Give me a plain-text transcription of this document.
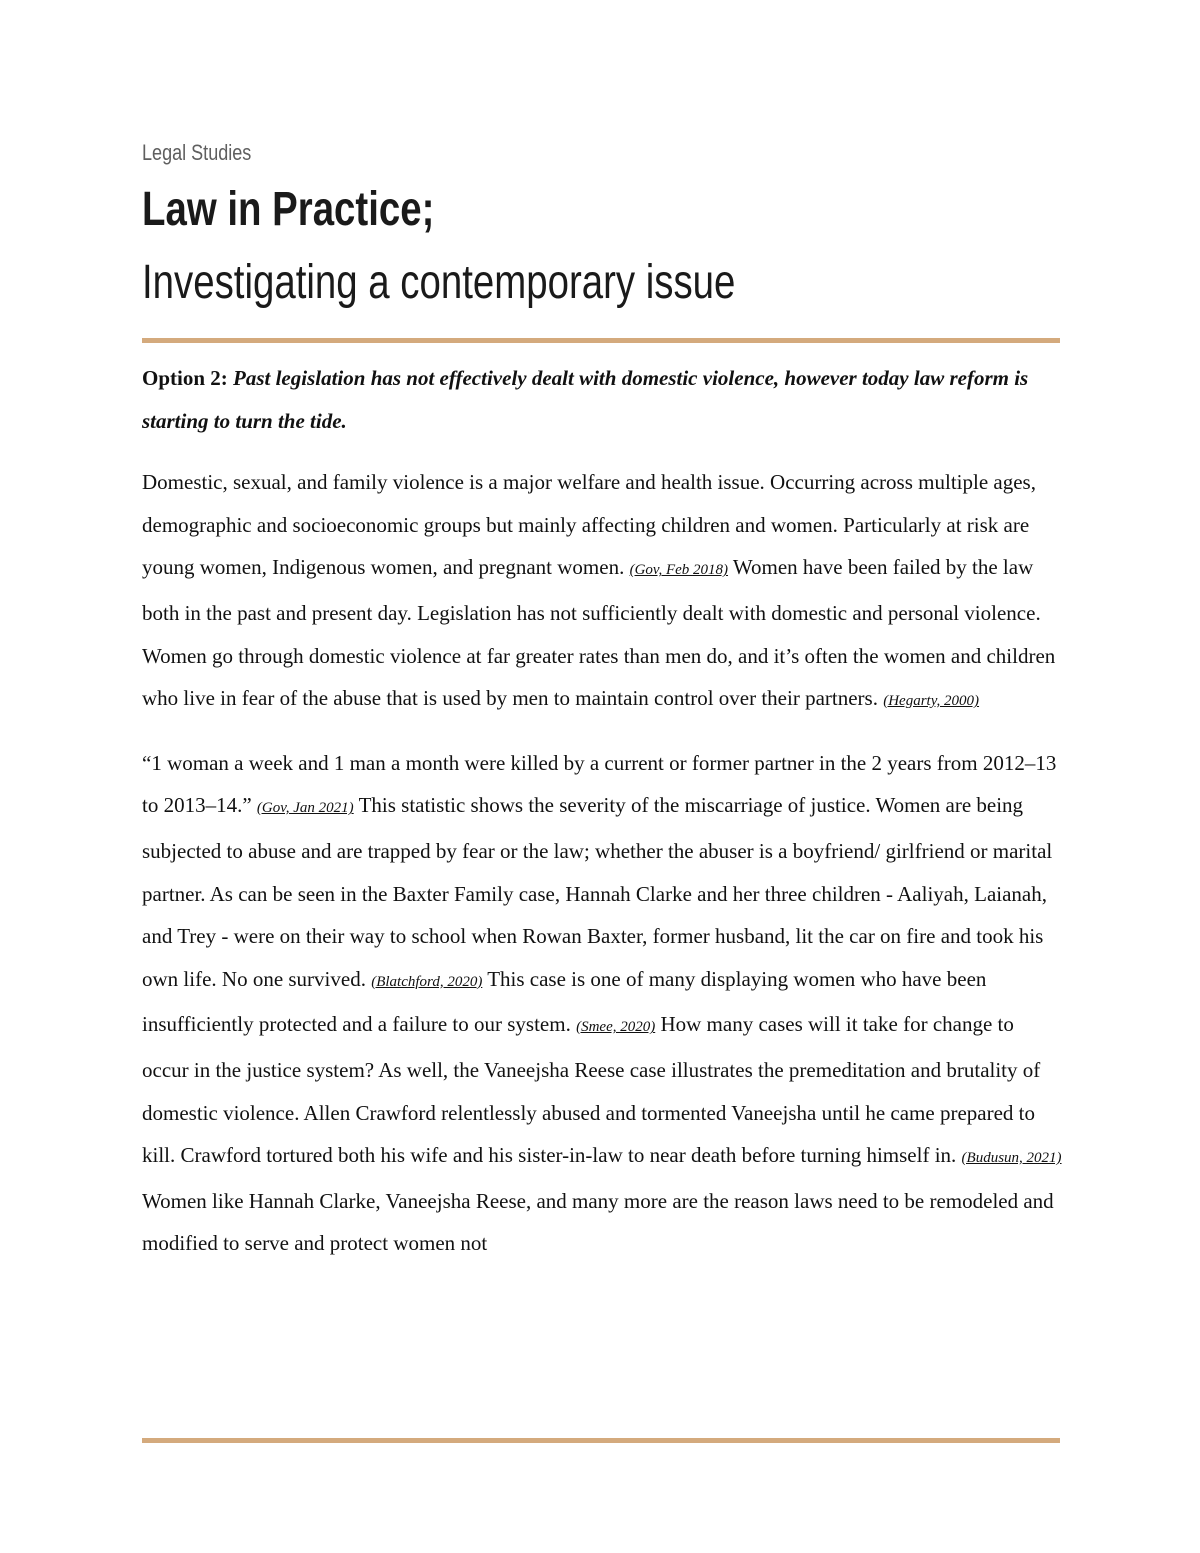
Legal Studies
Law in Practice;
Investigating a contemporary issue

Option 2: Past legislation has not effectively dealt with domestic violence, however today law reform is starting to turn the tide.

Domestic, sexual, and family violence is a major welfare and health issue. Occurring across multiple ages, demographic and socioeconomic groups but mainly affecting children and women. Particularly at risk are young women, Indigenous women, and pregnant women. (Gov, Feb 2018) Women have been failed by the law both in the past and present day. Legislation has not sufficiently dealt with domestic and personal violence. Women go through domestic violence at far greater rates than men do, and it’s often the women and children who live in fear of the abuse that is used by men to maintain control over their partners. (Hegarty, 2000)

“1 woman a week and 1 man a month were killed by a current or former partner in the 2 years from 2012–13 to 2013–14.” (Gov, Jan 2021) This statistic shows the severity of the miscarriage of justice. Women are being subjected to abuse and are trapped by fear or the law; whether the abuser is a boyfriend/ girlfriend or marital partner. As can be seen in the Baxter Family case, Hannah Clarke and her three children - Aaliyah, Laianah, and Trey - were on their way to school when Rowan Baxter, former husband, lit the car on fire and took his own life. No one survived. (Blatchford, 2020) This case is one of many displaying women who have been insufficiently protected and a failure to our system. (Smee, 2020) How many cases will it take for change to occur in the justice system? As well, the Vaneejsha Reese case illustrates the premeditation and brutality of domestic violence. Allen Crawford relentlessly abused and tormented Vaneejsha until he came prepared to kill. Crawford tortured both his wife and his sister-in-law to near death before turning himself in. (Budusun, 2021) Women like Hannah Clarke, Vaneejsha Reese, and many more are the reason laws need to be remodeled and modified to serve and protect women not
